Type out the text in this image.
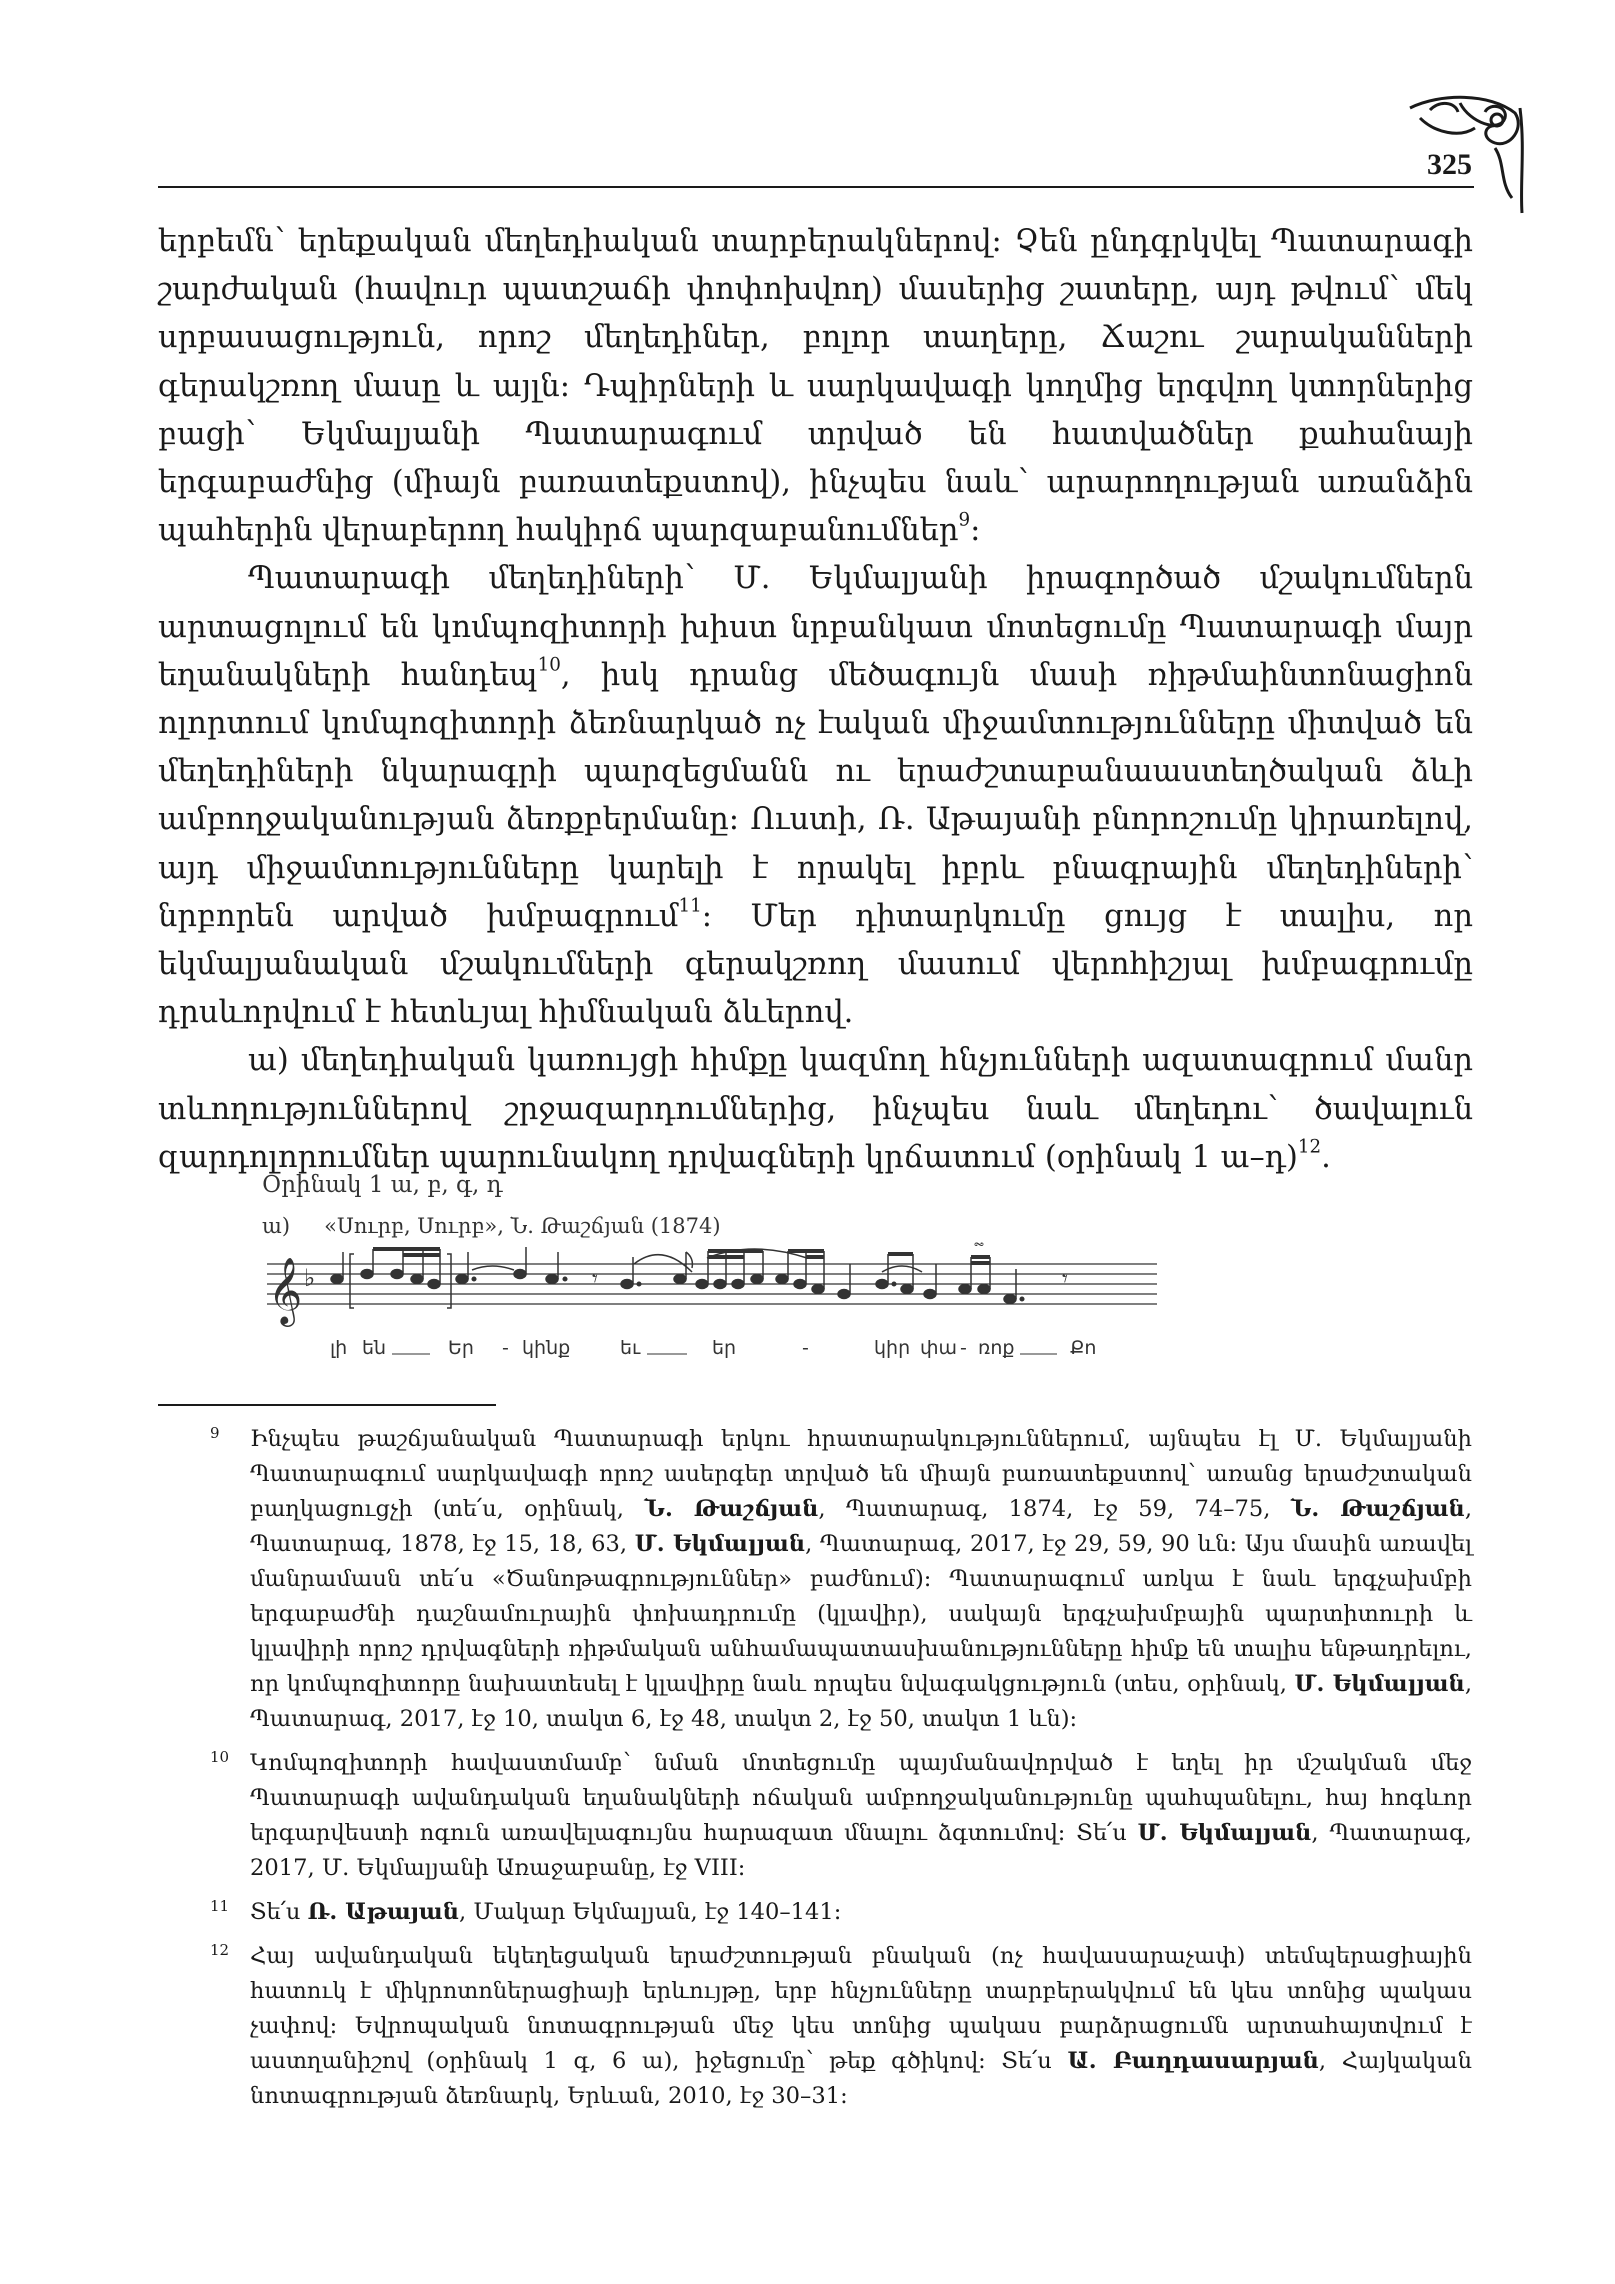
325

երբեմն՝ երեքական մեղեդիական տարբերակներով: Չեն ընդգրկվել Պատարագի շարժական (հավուր պատշաճի փոփոխվող) մասերից շատերը, այդ թվում՝ մեկ սրբասացություն, որոշ մեղեդիներ, բոլոր տաղերը, Ճաշու շարականների գերակշռող մասը և այլն: Դպիրների և սարկավագի կողմից երգվող կտորներից բացի՝ Եկմալյանի Պատարագում տրված են հատվածներ քահանայի երգաբաժնից (միայն բառատեքստով), ինչպես նաև՝ արարողության առանձին պահերին վերաբերող հակիրճ պարզաբանումներ$^9$:

Պատարագի մեղեդիների՝ Մ. Եկմալյանի իրագործած մշակումներն արտացոլում են կոմպոզիտորի խիստ նրբանկատ մոտեցումը Պատարագի մայր եղանակների հանդեպ$^{10}$, իսկ դրանց մեծագույն մասի ռիթմաինտոնացիոն ոլորտում կոմպոզիտորի ձեռնարկած ոչ էական միջամտությունները միտված են մեղեդիների նկարագրի պարզեցմանն ու երաժշտաբանաաստեղծական ձևի ամբողջականության ձեռքբերմանը: Ուստի, Ռ. Աթայանի բնորոշումը կիրառելով, այդ միջամտությունները կարելի է որակել իբրև բնագրային մեղեդիների՝ նրբորեն արված խմբագրում$^{11}$: Մեր դիտարկումը ցույց է տալիս, որ եկմալյանական մշակումների գերակշռող մասում վերոհիշյալ խմբագրումը դրսևորվում է հետևյալ հիմնական ձևերով.

ա) մեղեդիական կառույցի հիմքը կազմող հնչյունների ազատագրում մանր տևողություններով շրջազարդումներից, ինչպես նաև մեղեդու՝ ծավալուն զարդոլորումներ պարունակող դրվագների կրճատում (օրինակ 1 ա–դ)$^{12}$.

Օրինակ 1 ա, բ, գ, դ
ա) «Սուրբ, Սուրբ», Ն. Թաշճյան (1874)
𝄞 ♭	𝄾
𝆗
𝄾
լի են	Եր - կինք	եւ	եր	-	կիր փա - ռոք	Քո
9 Ինչպես թաշճյանական Պատարագի երկու հրատարակություններում, այնպես էլ Մ. Եկմալյանի Պատարագում սարկավագի որոշ ասերգեր տրված են միայն բառատեքստով՝ առանց երաժշտական բաղկացուցչի (տե՛ս, օրինակ, Ն. Թաշճյան, Պատարագ, 1874, էջ 59, 74–75, Ն. Թաշճյան, Պատարագ, 1878, էջ 15, 18, 63, Մ. Եկմալյան, Պատարագ, 2017, էջ 29, 59, 90 ևն: Այս մասին առավել մանրամասն տե՛ս «Ծանոթագրություններ» բաժնում): Պատարագում առկա է նաև երգչախմբի երգաբաժնի դաշնամուրային փոխադրումը (կլավիր), սակայն երգչախմբային պարտիտուրի և կլավիրի որոշ դրվագների ռիթմական անհամապատասխանությունները հիմք են տալիս ենթադրելու, որ կոմպոզիտորը նախատեսել է կլավիրը նաև որպես նվագակցություն (տես, օրինակ, Մ. Եկմալյան, Պատարագ, 2017, էջ 10, տակտ 6, էջ 48, տակտ 2, էջ 50, տակտ 1 ևն):

10 Կոմպոզիտորի հավաստմամբ՝ նման մոտեցումը պայմանավորված է եղել իր մշակման մեջ Պատարագի ավանդական եղանակների ոճական ամբողջականությունը պահպանելու, հայ հոգևոր երգարվեստի ոգուն առավելագույնս հարազատ մնալու ձգտումով: Տե՛ս Մ. Եկմալյան, Պատարագ, 2017, Մ. Եկմալյանի Առաջաբանը, էջ VIII:

11 Տե՛ս Ռ. Աթայան, Մակար Եկմալյան, էջ 140–141:

12 Հայ ավանդական եկեղեցական երաժշտության բնական (ոչ հավասարաչափ) տեմպերացիային հատուկ է միկրոտոներացիայի երևույթը, երբ հնչյունները տարբերակվում են կես տոնից պակաս չափով: Եվրոպական նոտագրության մեջ կես տոնից պակաս բարձրացումն արտահայտվում է աստղանիշով (օրինակ 1 գ, 6 ա), իջեցումը՝ թեք գծիկով: Տե՛ս Ա. Բաղդասարյան, Հայկական նոտագրության ձեռնարկ, Երևան, 2010, էջ 30–31:
